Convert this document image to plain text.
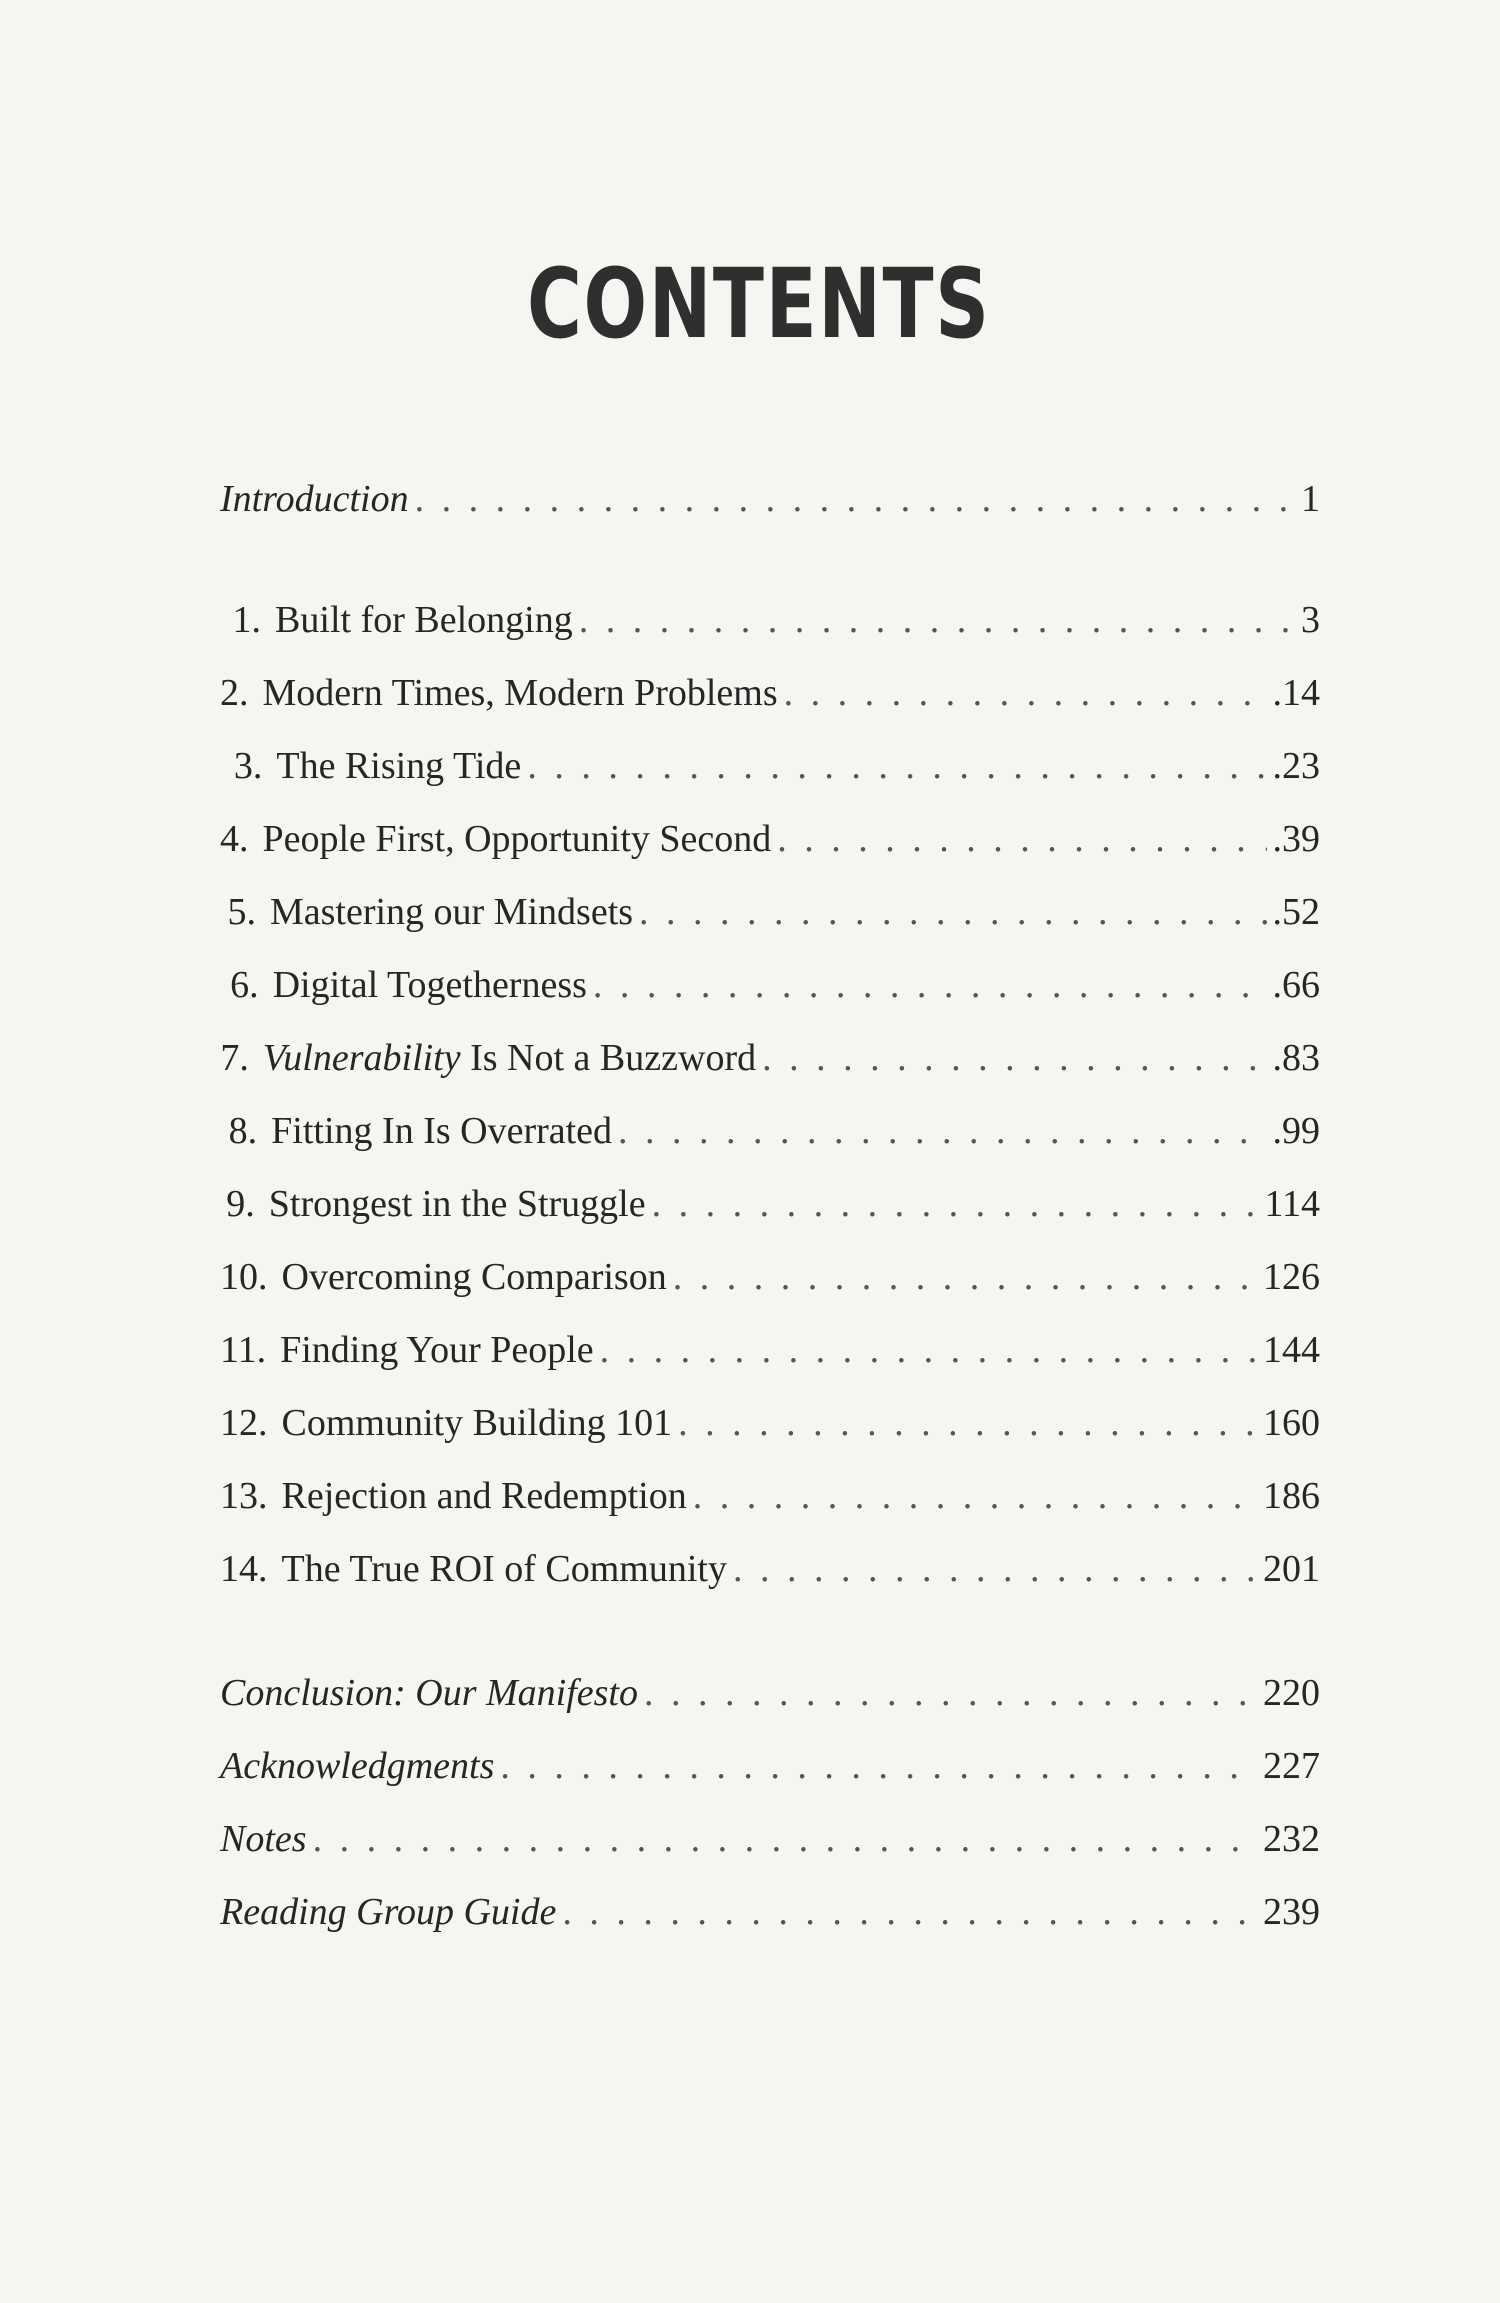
CONTENTS
Introduction . . .	1
1. Built for Belonging . . .	3
2. Modern Times, Modern Problems . . .	.14
3. The Rising Tide . . .	.23
4. People First, Opportunity Second . . .	.39
5. Mastering our Mindsets . . .	.52
6. Digital Togetherness . . .	.66
7. Vulnerability Is Not a Buzzword . . .	.83
8. Fitting In Is Overrated . . .	.99
9. Strongest in the Struggle . . .	114
10. Overcoming Comparison . . .	126
11. Finding Your People . . .	144
12. Community Building 101 . . .	160
13. Rejection and Redemption . . .	186
14. The True ROI of Community . . .	201
Conclusion: Our Manifesto . . .	220
Acknowledgments . . .	227
Notes . . .	232
Reading Group Guide . . .	239
